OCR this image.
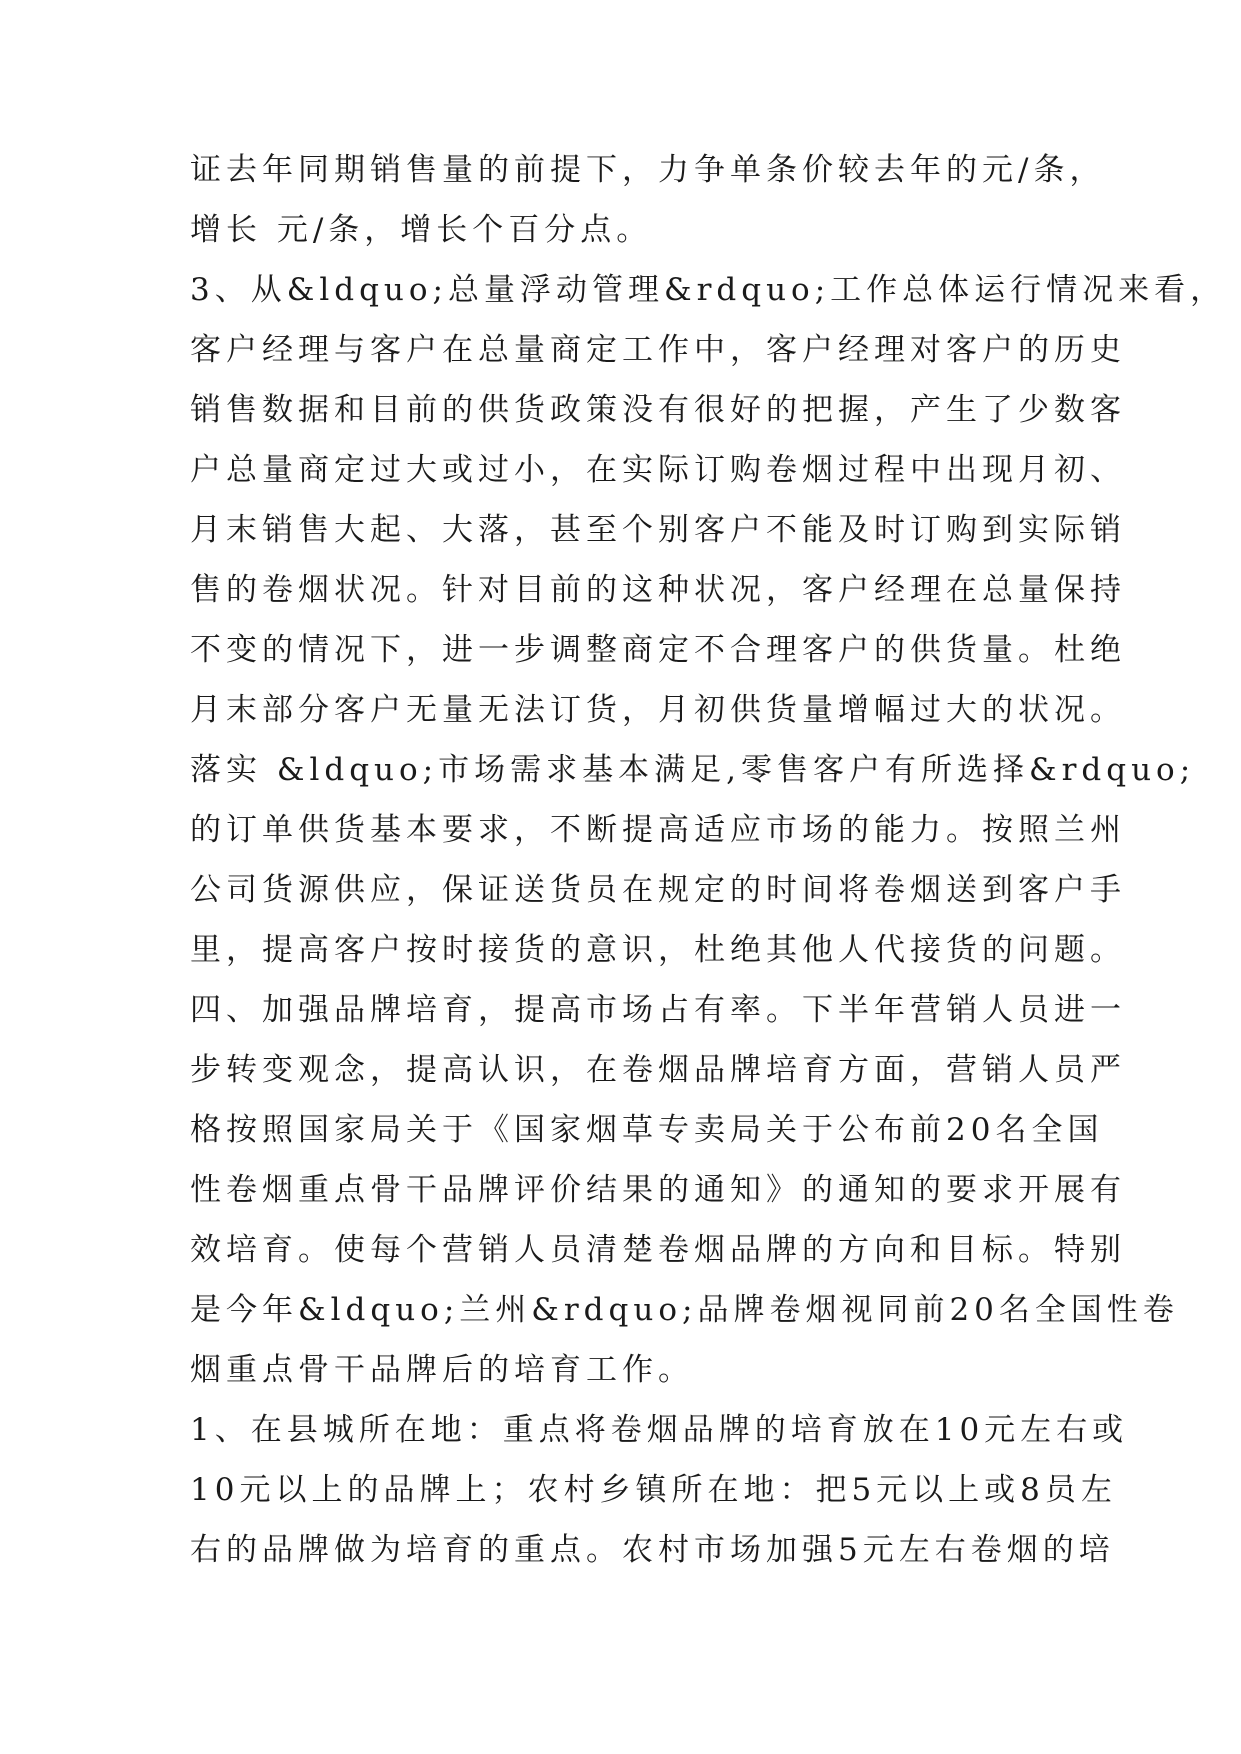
证去年同期销售量的前提下，力争单条价较去年的元/条，
增长 元/条，增长个百分点。
3、从&ldquo;总量浮动管理&rdquo;工作总体运行情况来看，
客户经理与客户在总量商定工作中，客户经理对客户的历史
销售数据和目前的供货政策没有很好的把握，产生了少数客
户总量商定过大或过小，在实际订购卷烟过程中出现月初、
月末销售大起、大落，甚至个别客户不能及时订购到实际销
售的卷烟状况。针对目前的这种状况，客户经理在总量保持
不变的情况下，进一步调整商定不合理客户的供货量。杜绝
月末部分客户无量无法订货，月初供货量增幅过大的状况。
落实 &ldquo;市场需求基本满足,零售客户有所选择&rdquo;
的订单供货基本要求，不断提高适应市场的能力。按照兰州
公司货源供应，保证送货员在规定的时间将卷烟送到客户手
里，提高客户按时接货的意识，杜绝其他人代接货的问题。
四、加强品牌培育，提高市场占有率。下半年营销人员进一
步转变观念，提高认识，在卷烟品牌培育方面，营销人员严
格按照国家局关于《国家烟草专卖局关于公布前20名全国
性卷烟重点骨干品牌评价结果的通知》的通知的要求开展有
效培育。使每个营销人员清楚卷烟品牌的方向和目标。特别
是今年&ldquo;兰州&rdquo;品牌卷烟视同前20名全国性卷
烟重点骨干品牌后的培育工作。
1、在县城所在地：重点将卷烟品牌的培育放在10元左右或
10元以上的品牌上；农村乡镇所在地：把5元以上或8员左
右的品牌做为培育的重点。农村市场加强5元左右卷烟的培
